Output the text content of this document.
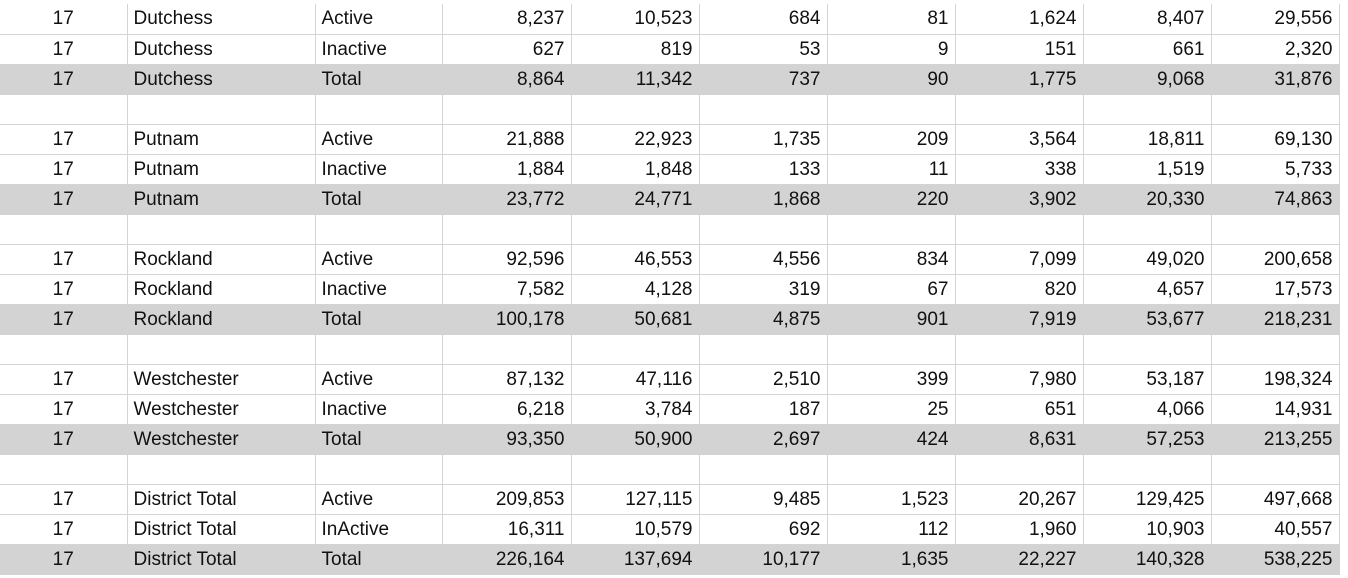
17	Dutchess	Active	8,237	10,523	684	81	1,624	8,407	29,556
17	Dutchess	Inactive	627	819	53	9	151	661	2,320
17	Dutchess	Total	8,864	11,342	737	90	1,775	9,068	31,876

17	Putnam	Active	21,888	22,923	1,735	209	3,564	18,811	69,130
17	Putnam	Inactive	1,884	1,848	133	11	338	1,519	5,733
17	Putnam	Total	23,772	24,771	1,868	220	3,902	20,330	74,863

17	Rockland	Active	92,596	46,553	4,556	834	7,099	49,020	200,658
17	Rockland	Inactive	7,582	4,128	319	67	820	4,657	17,573
17	Rockland	Total	100,178	50,681	4,875	901	7,919	53,677	218,231

17	Westchester	Active	87,132	47,116	2,510	399	7,980	53,187	198,324
17	Westchester	Inactive	6,218	3,784	187	25	651	4,066	14,931
17	Westchester	Total	93,350	50,900	2,697	424	8,631	57,253	213,255

17	District Total	Active	209,853	127,115	9,485	1,523	20,267	129,425	497,668
17	District Total	InActive	16,311	10,579	692	112	1,960	10,903	40,557
17	District Total	Total	226,164	137,694	10,177	1,635	22,227	140,328	538,225
